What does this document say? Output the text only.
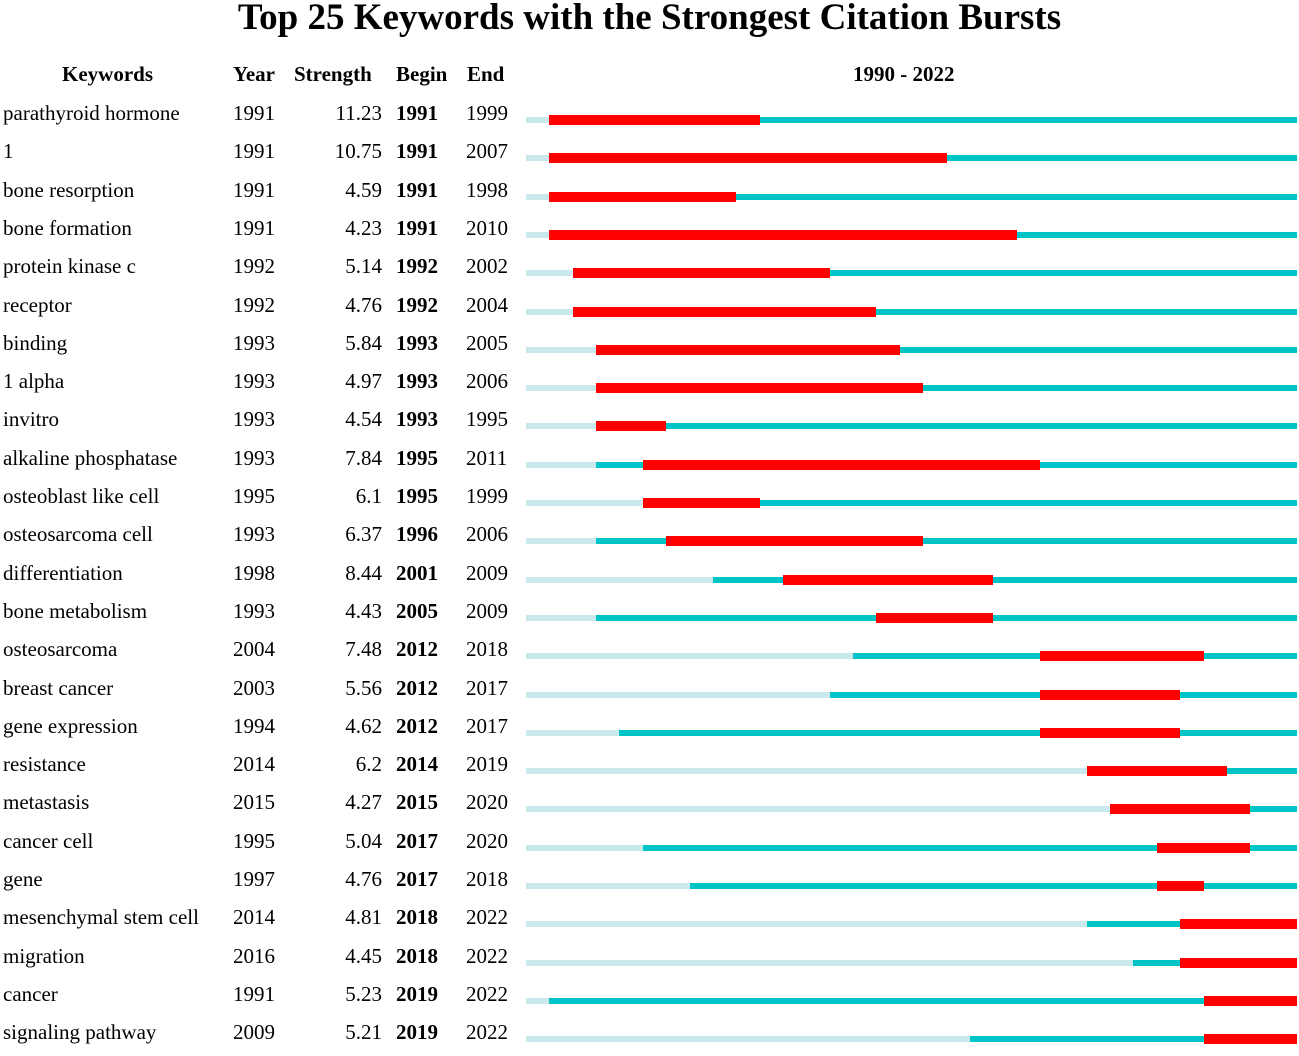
Top 25 Keywords with the Strongest Citation Bursts
Keywords	Year Strength Begin End	1990 - 2022
parathyroid hormone	1991	11.23 1991 1999
1	1991	10.75 1991 2007
bone resorption	1991	4.59 1991 1998
bone formation	1991	4.23 1991 2010
protein kinase c	1992	5.14 1992 2002
receptor	1992	4.76 1992 2004
binding	1993	5.84 1993 2005
1 alpha	1993	4.97 1993 2006
invitro	1993	4.54 1993 1995
alkaline phosphatase	1993	7.84 1995 2011
osteoblast like cell	1995	6.1 1995 1999
osteosarcoma cell	1993	6.37 1996 2006
differentiation	1998	8.44 2001 2009
bone metabolism	1993	4.43 2005 2009
osteosarcoma	2004	7.48 2012 2018
breast cancer	2003	5.56 2012 2017
gene expression	1994	4.62 2012 2017
resistance	2014	6.2 2014 2019
metastasis	2015	4.27 2015 2020
cancer cell	1995	5.04 2017 2020
gene	1997	4.76 2017 2018
mesenchymal stem cell 2014	4.81 2018 2022
migration	2016	4.45 2018 2022
cancer	1991	5.23 2019 2022
signaling pathway	2009	5.21 2019 2022
